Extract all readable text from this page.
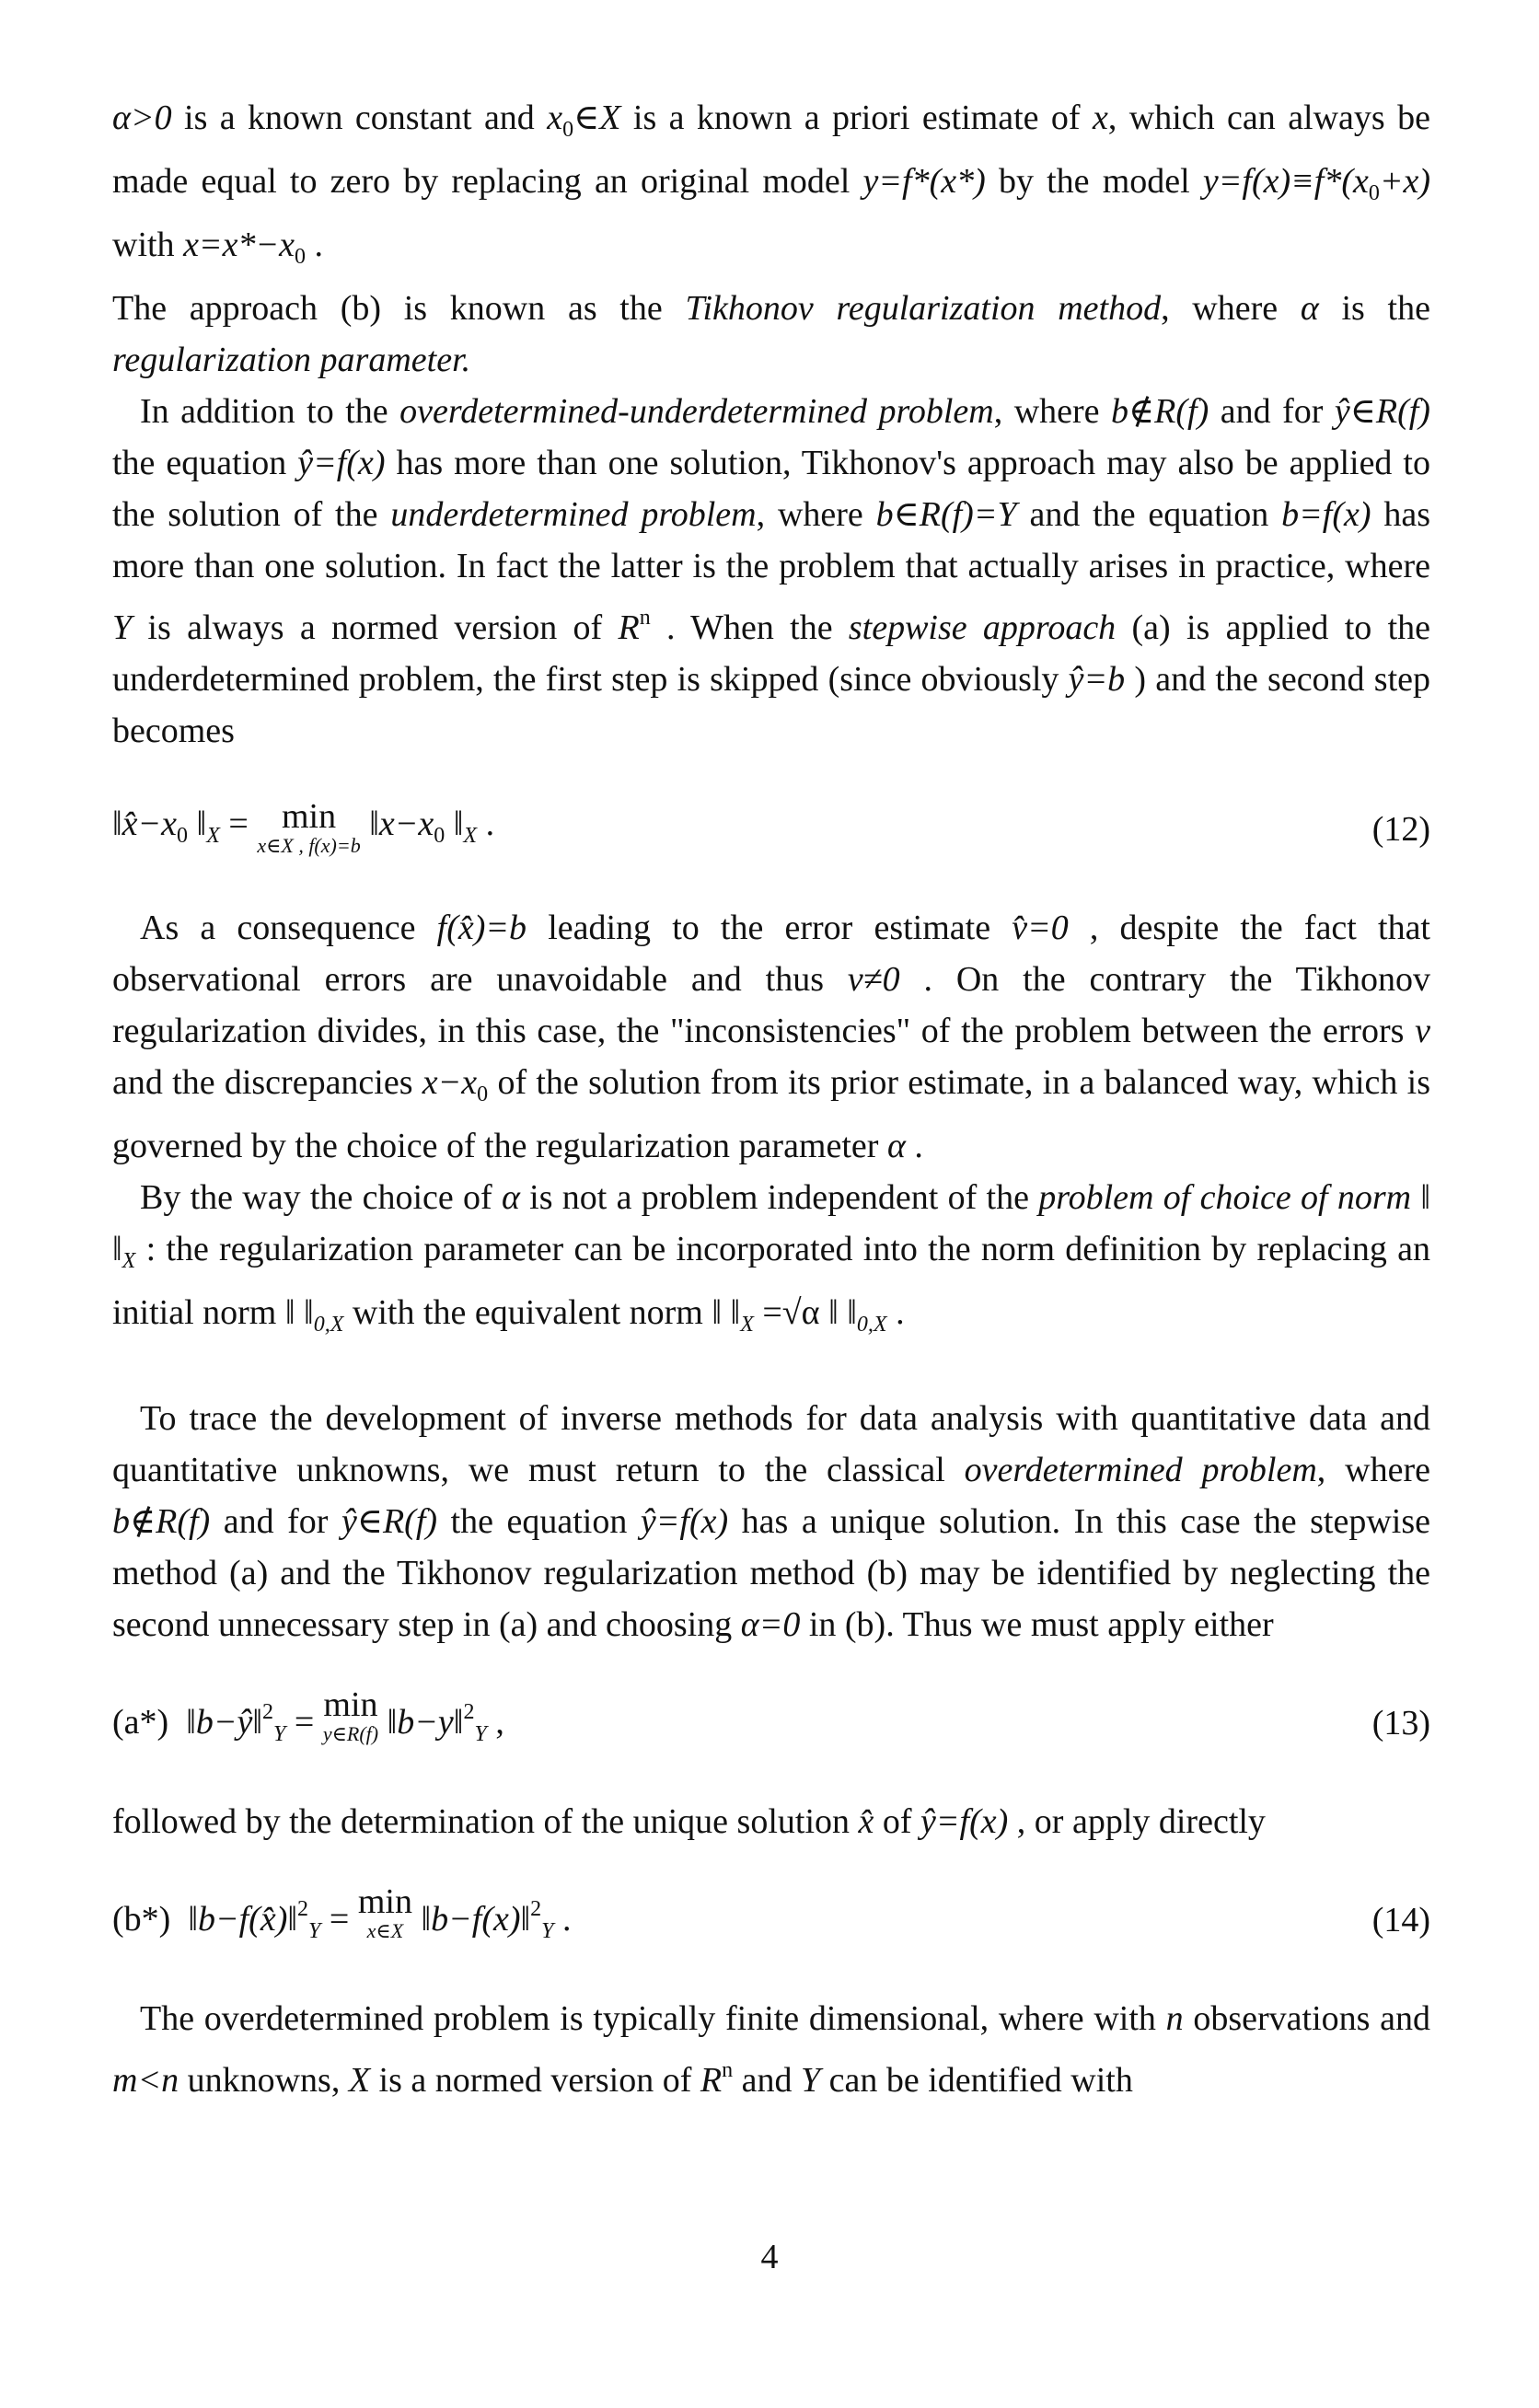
α>0 is a known constant and $x_0\in X$ is a known a priori estimate of x, which can always be made equal to zero by replacing an original model y=f*(x*) by the model $y=f(x)\equiv f*(x_0+x)$ with $x=x*-x_0$ .

The approach (b) is known as the Tikhonov regularization method, where α is the regularization parameter.

In addition to the overdetermined-underdetermined problem, where b∉R(f) and for ŷ∈R(f) the equation ŷ=f(x) has more than one solution, Tikhonov's approach may also be applied to the solution of the underdetermined problem, where b∈R(f)=Y and the equation b=f(x) has more than one solution. In fact the latter is the problem that actually arises in practice, where Y is always a normed version of $R^n$ . When the stepwise approach (a) is applied to the underdetermined problem, the first step is skipped (since obviously ŷ=b ) and the second step becomes

$‖x̂-x_0$ $‖_X = \min$
x∈X , f(x)=b
$‖x-x_0$ $‖_X$ .	(12)

As a consequence f(x̂)=b leading to the error estimate v̂=0 , despite the fact that observational errors are unavoidable and thus v≠0 . On the contrary the Tikhonov regularization divides, in this case, the "inconsistencies" of the problem between the errors v and the discrepancies $x-x_0$ of the solution from its prior estimate, in a balanced way, which is governed by the choice of the regularization parameter α .

By the way the choice of α is not a problem independent of the problem of choice of norm ‖ $‖_X$ : the regularization parameter can be incorporated into the norm definition by replacing an initial norm ‖ $‖_{0,X}$ with the equivalent norm ‖ $‖_X =√\alpha$ ‖ $‖_{0,X}$ .

To trace the development of inverse methods for data analysis with quantitative data and quantitative unknowns, we must return to the classical overdetermined problem, where b∉R(f) and for ŷ∈R(f) the equation ŷ=f(x) has a unique solution. In this case the stepwise method (a) and the Tikhonov regularization method (b) may be identified by neglecting the second unnecessary step in (a) and choosing α=0 in (b). Thus we must apply either

(a*) ‖b−ŷ‖$^2_Y$ = min
y∈R(f) ‖b−y‖$^2_Y$ ,	(13)

followed by the determination of the unique solution x̂ of ŷ=f(x) , or apply directly

(b*) ‖b−f(x̂)‖$^2_Y$ = min
x∈X ‖b−f(x)‖$^2_Y$ .	(14)

The overdetermined problem is typically finite dimensional, where with n observations and m<n unknowns, X is a normed version of $R^n$ and Y can be identified with

4
